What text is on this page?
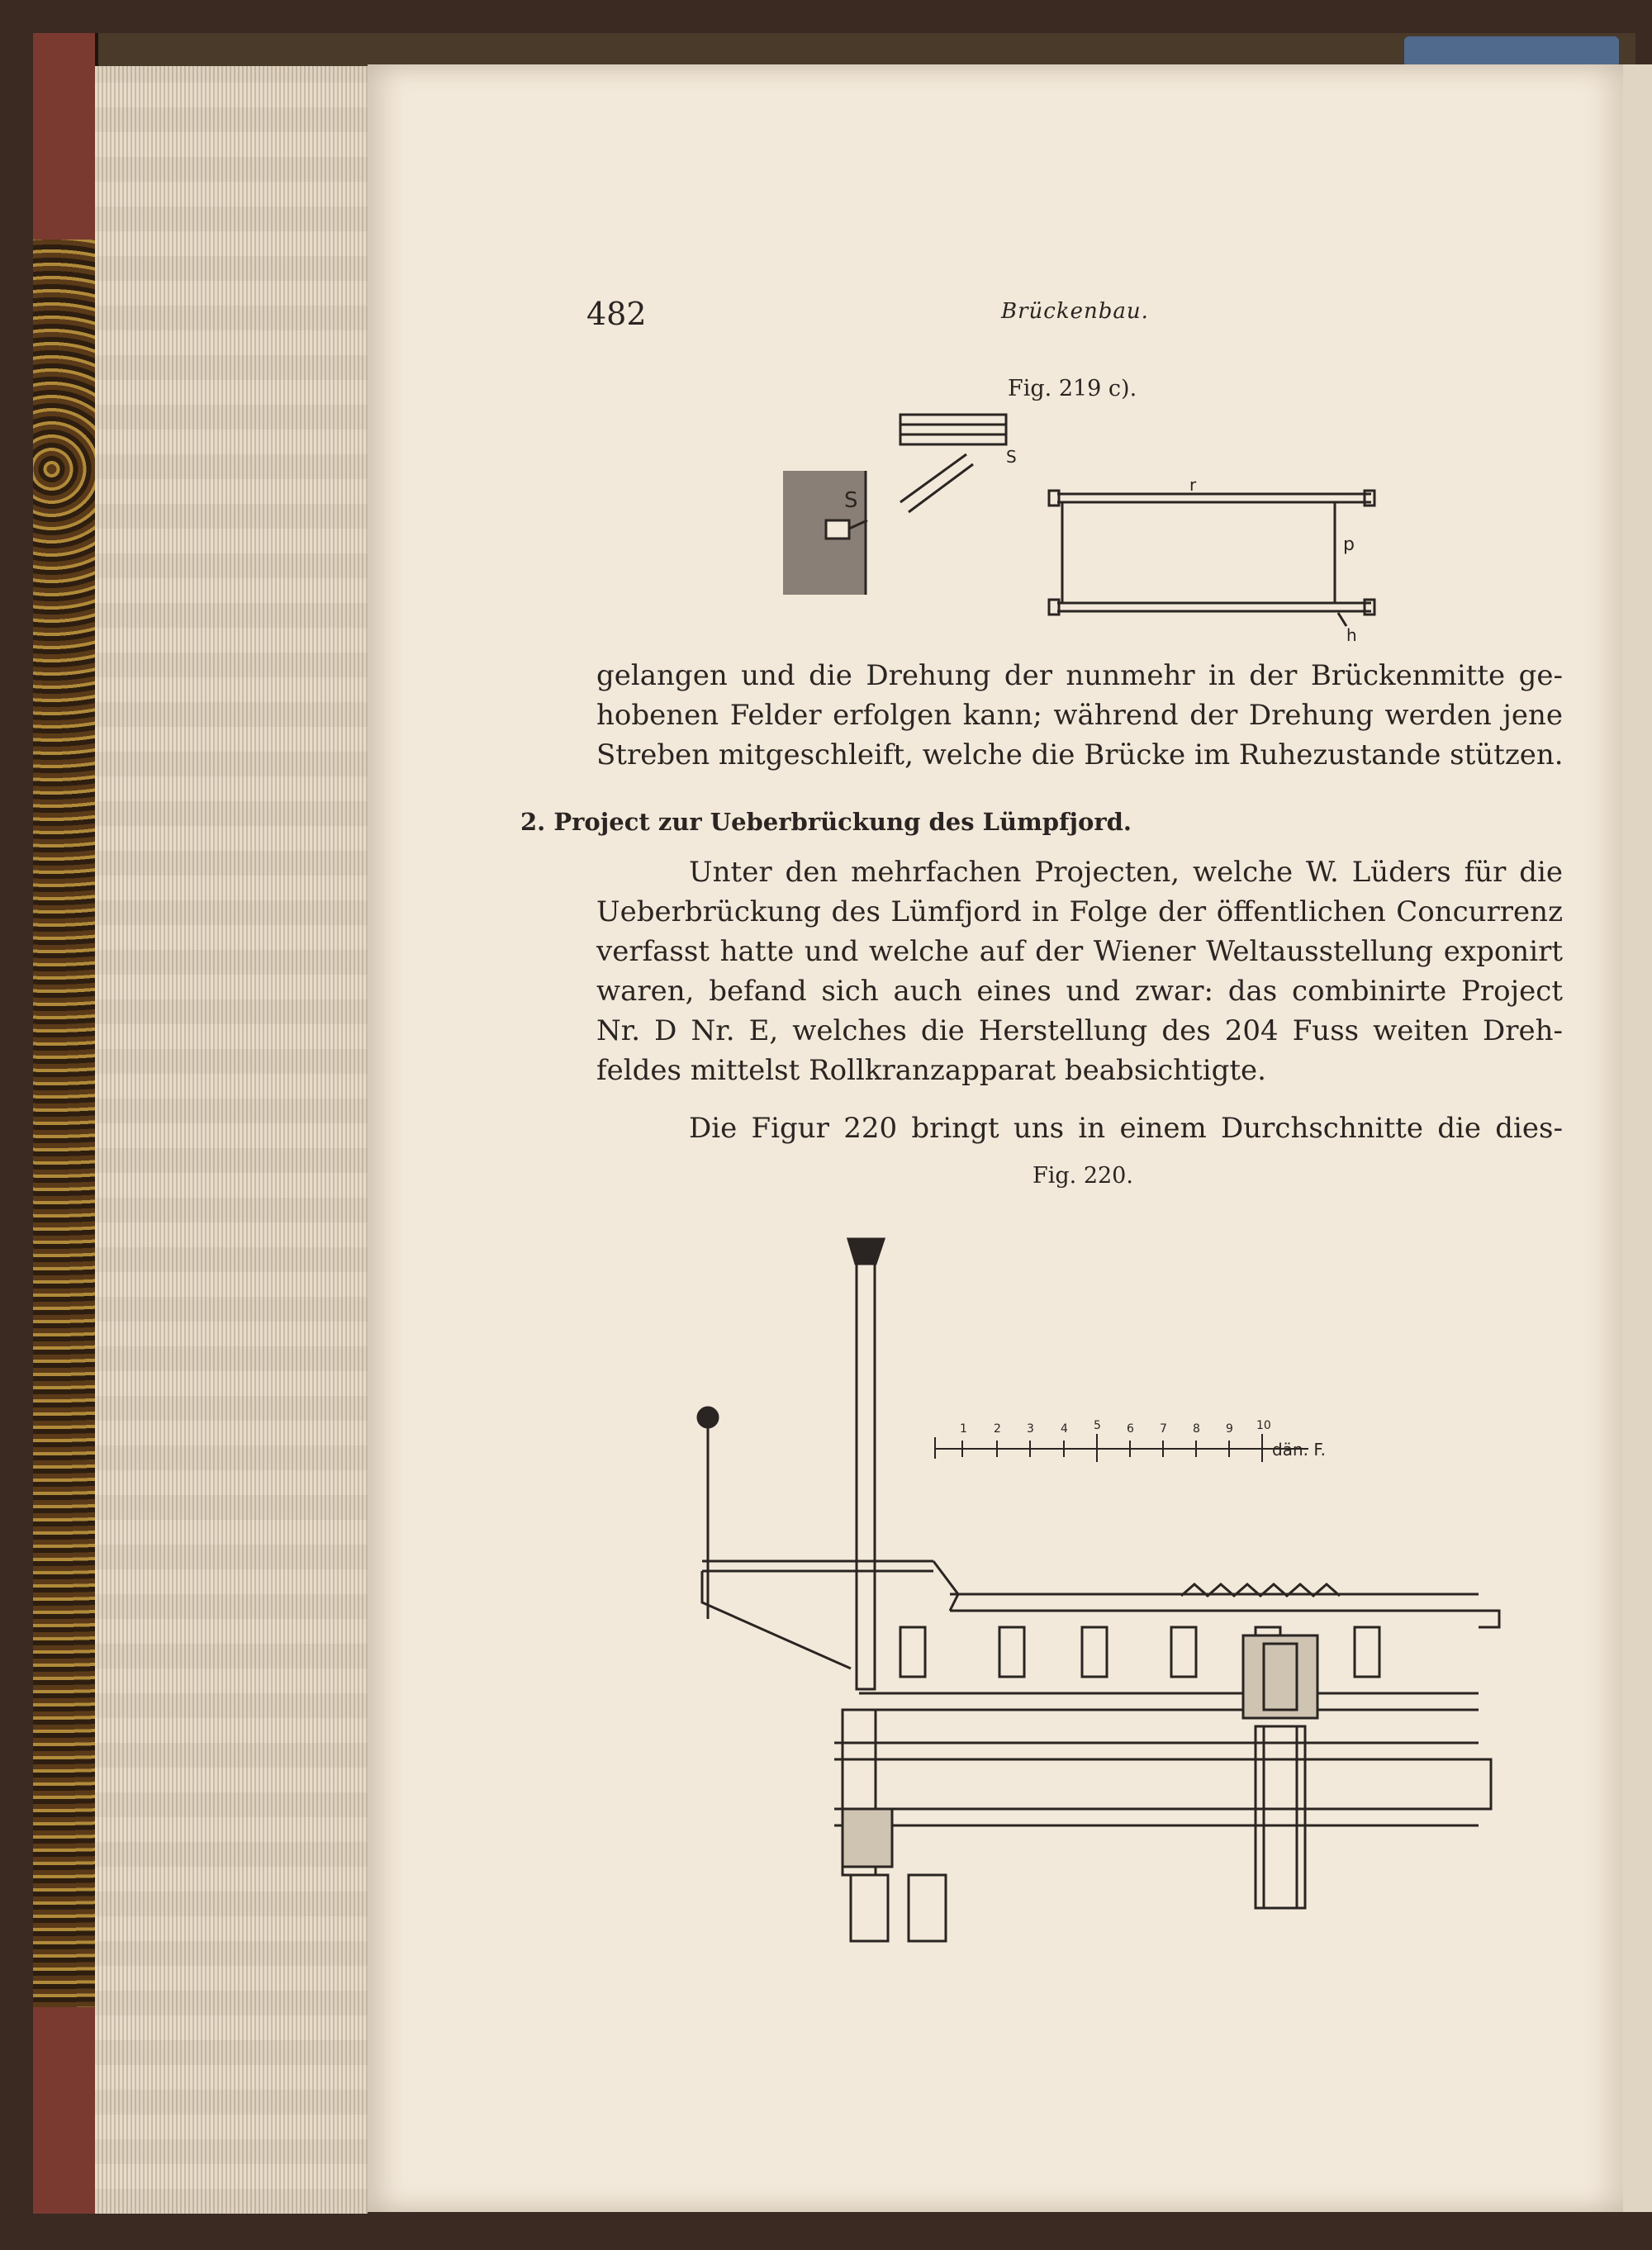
482	Brückenbau.
Fig. 219 c).
S
S
r
p
h
gelangen und die Drehung der nunmehr in der Brückenmitte ge-
hobenen Felder erfolgen kann; während der Drehung werden jene
Streben mitgeschleift, welche die Brücke im Ruhezustande stützen.
2. Project zur Ueberbrückung des Lümpfjord.
Unter den mehrfachen Projecten, welche W. Lüders für die
Ueberbrückung des Lümfjord in Folge der öffentlichen Concurrenz
verfasst hatte und welche auf der Wiener Weltausstellung exponirt
waren, befand sich auch eines und zwar: das combinirte Project
Nr. D Nr. E, welches die Herstellung des 204 Fuss weiten Dreh-
feldes mittelst Rollkranzapparat beabsichtigte.
Die Figur 220 bringt uns in einem Durchschnitte die dies-
Fig. 220.
1 2 3 4 5 6 7 8 9 10
dän. F.
